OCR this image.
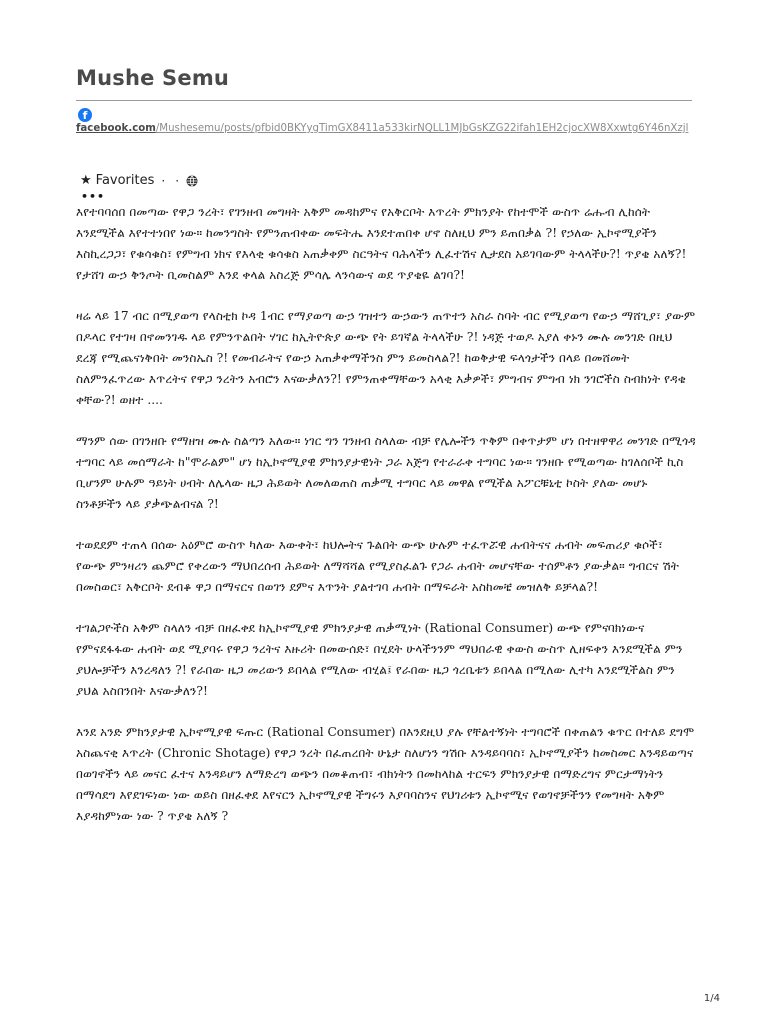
Mushe Semu
f
facebook.com/Mushesemu/posts/pfbid0BKYygTimGX8411a533kirNQLL1MJbGsKZG22ifah1EH2cjocXW8Xxwtg6Y46nXzjl
★ Favorites · ·
•••

እየተባባሰበ በመጣው የዋጋ ንረት፣ የገንዘብ መግዛት አቅም መዳከምና የአቅርቦት እጥረት ምክንያት የከተሞች ውስጥ ሬሑብ ሊከሰት እንደሚችል እየተተነበየ ነው። ከመንግስት የምንጠብቀው መፍትሔ እንደተጠበቀ ሆኖ ስለዚህ ምን ይጠበቃል ?! የኃለው ኢኮኖሚያችን እስኪረጋጋ፣ የቁሳቁስ፣ የምግብ ነክና የእላቂ ቁሳቁስ አጠቃቀም ስርዓትና ባሕላችን ሊፈተሽና ሊታደስ አይገባውም ትላላችሁ?! ጥያቄ አለኝ?! የታሸገ ውኃ ቅንጦት ቢመስልም እንደ ቀላል አስረጅ ምሳሌ ላንሳውና ወደ ጥያቄዬ ልገባ?!

ዛሬ ላይ 17 ብር በሚያወጣ የላስቲክ ኮዳ 1ብር የማያወጣ ውኃ ገዝተን ውኃውን ጠጥተን አስራ ስባት ብር የሚያወጣ የውኃ ማሸጊያ፣ ያውም በዶላር የተገዛ በኖመንገዱ ላይ የምንጥልበት ሃገር ከኢትዮጵያ ውጭ የት ይገኛል ትላላችሁ ?! ነዳጅ ተወዶ አያለ ቀኑን ሙሉ መንገድ በዚህ ደረጃ የሚጨናነቅበት መንስኤስ ?! የመብራትና የውኃ አጠቃቀማችንስ ምን ይመስላል?! ከወቅታዊ ፍላጎታችን በላይ በመሸመት ስለምንፈጥረው እጥረትና የዋጋ ንረትን አብሮን እናውቃለን?! የምንጠቀማቸውን አላቂ እቃዎች፣ ምግብና ምግብ ነክ ንገሮችስ ስብክነት የዳቄ ቀቸው?! ወዘተ ....

ማንም ሰው በገንዘቡ የማዘዝ ሙሉ ስልጣን አለው። ነገር ግን ገንዘብ ስላለው ብቻ የሌሎችን ጥቅም በቀጥታም ሆነ በተዘዋዋሪ መንገድ በሚጎዳ ተግባር ላይ መሰማራት ከ"ሞራልም" ሆነ ከኢኮኖሚያዊ ምክንያታዊነት ጋራ አጅግ የተራራቀ ተግባር ነው። ገንዘቡ የሚወጣው ከገለሰቦች ኪስ ቢሆንም ሁሉም ዓይነት ሀብት ለሌላው ዜጋ ሕይወት ለመለወጠስ ጠቃሚ ተግባር ላይ መዋል የሚችል አፖርቹኒቲ ኮስት ያለው መሆኑ ስንቶቻችን ላይ ያቃጭልብናል ?!

ተወደደም ተጠላ በሰው አዕምሮ ውስጥ ካለው እውቀት፣ ከህሎትና ጉልበት ውጭ ሁሉም ተፈጥሯዊ ሐብትናና ሐብት መፍጠሪያ ቁሶች፣ የውጭ ምንዛሪን ጨምሮ የቀረውን ማህበረሰብ ሕይወት ለማሻሻል የሚያስፈልጉ የጋራ ሐብት መሆናቸው ተሰምቶን ያውቃል። ግብርና ሽት በመስወር፣ አቅርቦት ደብቆ ዋጋ በማናርና በወገን ደምና እጥንት ያልተገባ ሐብት በማፍራት አስከመቼ መዝለቅ ይቻላል?!

ተገልጋዮችስ አቅም ስላለን ብቻ በዘፈቀደ ከኢኮኖሚያዊ ምክንያታዊ ጠቃሚነት (Rational Consumer) ውጭ የምናባክነውና የምናደፋፋው ሐብት ወደ ሚያባሩ የዋጋ ንረትና እዙሪት በመውሰድ፣ በሂደት ሁላችንንም ማህበራዊ ቀውስ ውስጥ ሊዘፍቀን እንደሚችል ምን ያህሎቻችን እንረዳለን ?! የራበው ዜጋ መሪውን ይበላል የሚለው ብሂል፤ የራበው ዜጋ ጎረቤቱን ይበላል በሚለው ሊተካ እንደሚችልስ ምን ያህል አስበንበት እናውቃለን?!

እንደ አንድ ምክንያታዊ ኢኮኖሚያዊ ፍጡር (Rational Consumer) በእንደዚህ ያሉ የቸልተኝነት ተግባሮች በቀጠልን ቁጥር በተለይ ደግሞ አስጨናቂ እጥረት (Chronic Shotage) የዋጋ ንረት በፈጠረበት ሁኔታ ስለሆነን ግሽቡ እንዳይባባስ፣ ኢኮኖሚያችን ከመስመር እንዳይወጣና በወገኖችን ላይ መናር ፈተና እንዳይሆን ለማድረግ ወጭን በመቆጠብ፣ ብክነትን በመከላከል ተርፍን ምክንያታዊ በማድረግና ምርታማነትን በማሳደግ እየደገፍነው ነው ወይስ በዘፈቀደ እየናርን ኢኮኖሚያዊ ችግሩን እያባባስንና የህገሪቱን ኢኮኖሚና የወገኖቻችንን የመግዛት አቅም እያዳከምነው ነው ? ጥያቄ አለኝ ?

1/4
